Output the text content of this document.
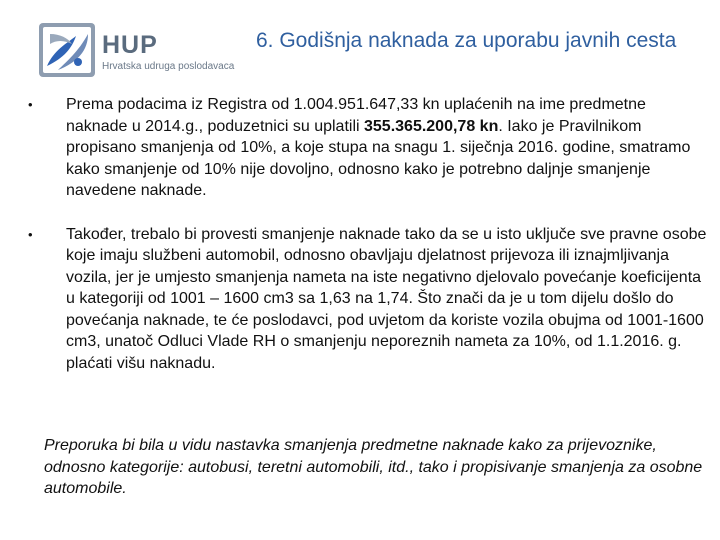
HUP
Hrvatska udruga poslodavaca
6. Godišnja naknada za uporabu javnih cesta
• Prema podacima iz Registra od 1.004.951.647,33 kn uplaćenih na ime predmetne naknade u 2014.g., poduzetnici su uplatili 355.365.200,78 kn. Iako je Pravilnikom propisano smanjenja od 10%, a koje stupa na snagu 1. siječnja 2016. godine, smatramo kako smanjenje od 10% nije dovoljno, odnosno kako je potrebno daljnje smanjenje navedene naknade.
• Također, trebalo bi provesti smanjenje naknade tako da se u isto uključe sve pravne osobe koje imaju službeni automobil, odnosno obavljaju djelatnost prijevoza ili iznajmljivanja vozila, jer je umjesto smanjenja nameta na iste negativno djelovalo povećanje koeficijenta u kategoriji od 1001 – 1600 cm3 sa 1,63 na 1,74. Što znači da je u tom dijelu došlo do povećanja naknade, te će poslodavci, pod uvjetom da koriste vozila obujma od 1001-1600 cm3, unatoč Odluci Vlade RH o smanjenju neporeznih nameta za 10%, od 1.1.2016. g. plaćati višu naknadu.
Preporuka bi bila u vidu nastavka smanjenja predmetne naknade kako za prijevoznike, odnosno kategorije: autobusi, teretni automobili, itd., tako i propisivanje smanjenja za osobne automobile.
